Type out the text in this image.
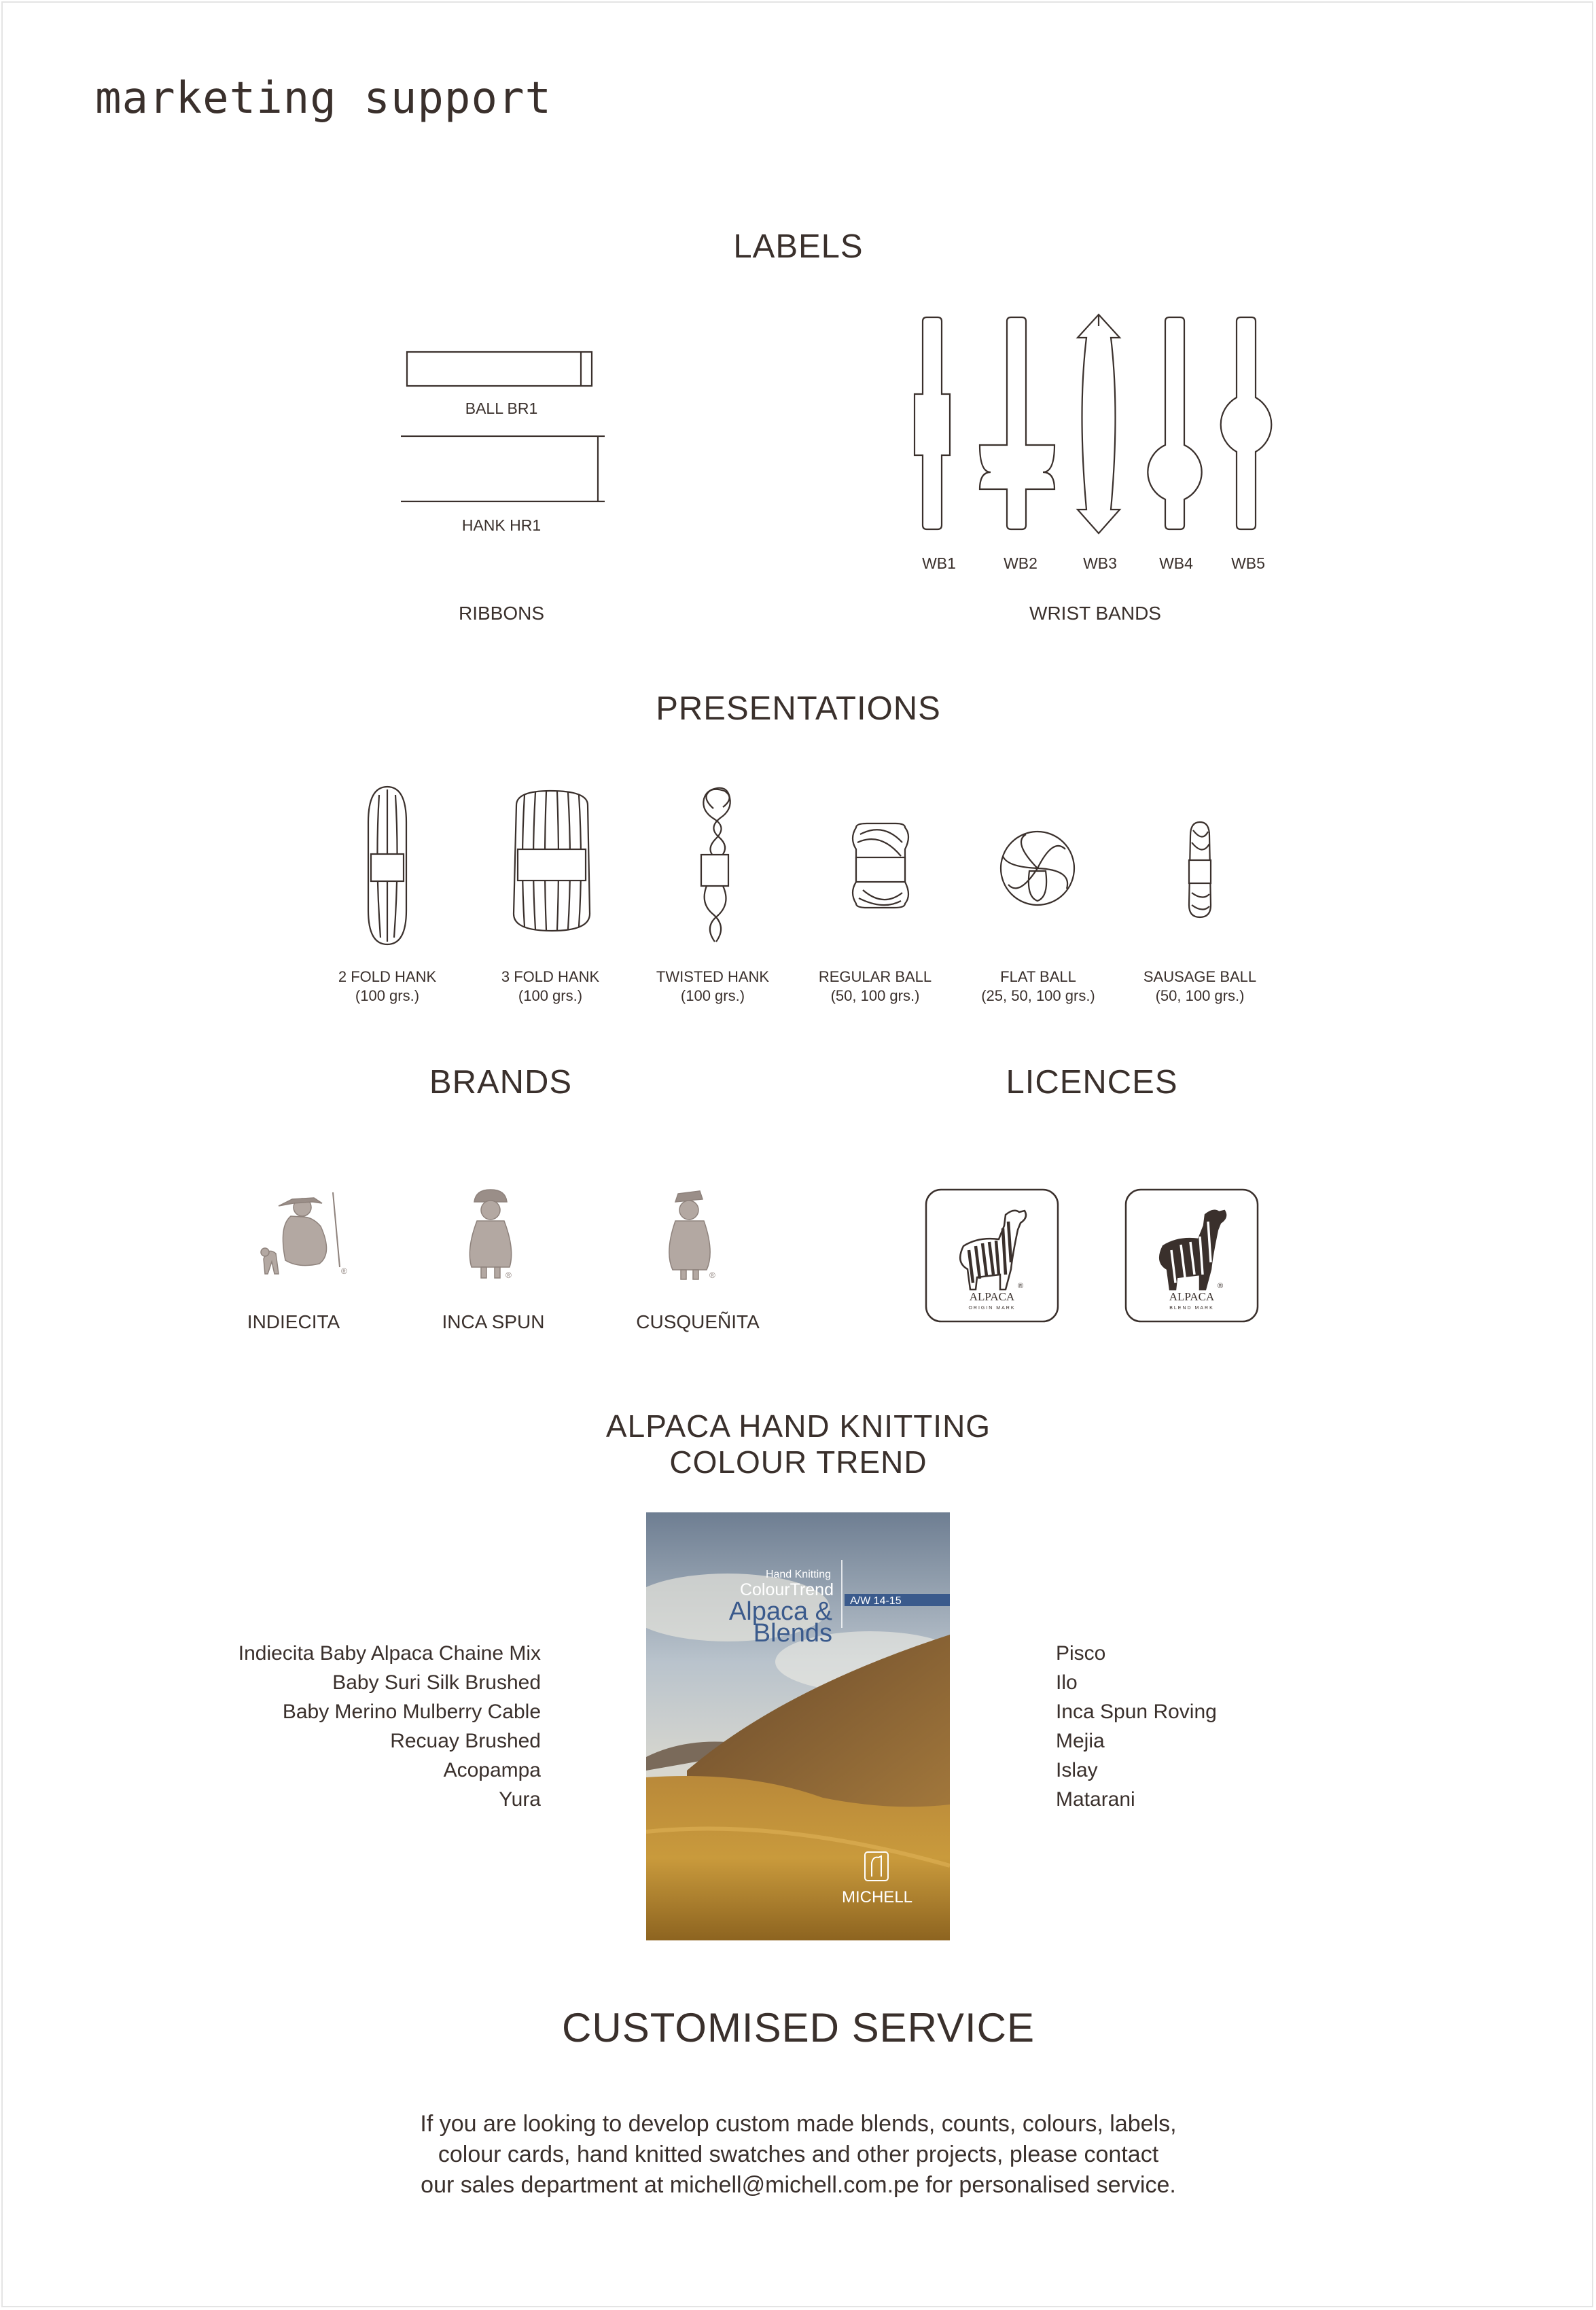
marketing support
LABELS
BALL BR1
HANK HR1
RIBBONS
WB1	WB2	WB3	WB4 WB5
WRIST BANDS
PRESENTATIONS
2 FOLD HANK
(100 grs.)
3 FOLD HANK
(100 grs.)
TWISTED HANK
(100 grs.)
REGULAR BALL
(50, 100 grs.)
FLAT BALL
(25, 50, 100 grs.)
SAUSAGE BALL
(50, 100 grs.)
BRANDS	LICENCES
®	®	®
INDIECITA	INCA SPUN	CUSQUEÑITA
ALPACA
ORIGIN MARK
®
ALPACA
BLEND MARK
®
ALPACA HAND KNITTING
COLOUR TREND
Indiecita Baby Alpaca Chaine Mix
Baby Suri Silk Brushed
Baby Merino Mulberry Cable
Recuay Brushed
Acopampa
Yura
Pisco
Ilo
Inca Spun Roving
Mejia
Islay
Matarani
Hand Knitting
ColourTrend
Alpaca &
Blends
A/W 14-15
MICHELL
CUSTOMISED SERVICE
If you are looking to develop custom made blends, counts, colours, labels,
colour cards, hand knitted swatches and other projects, please contact
our sales department at michell@michell.com.pe for personalised service.
